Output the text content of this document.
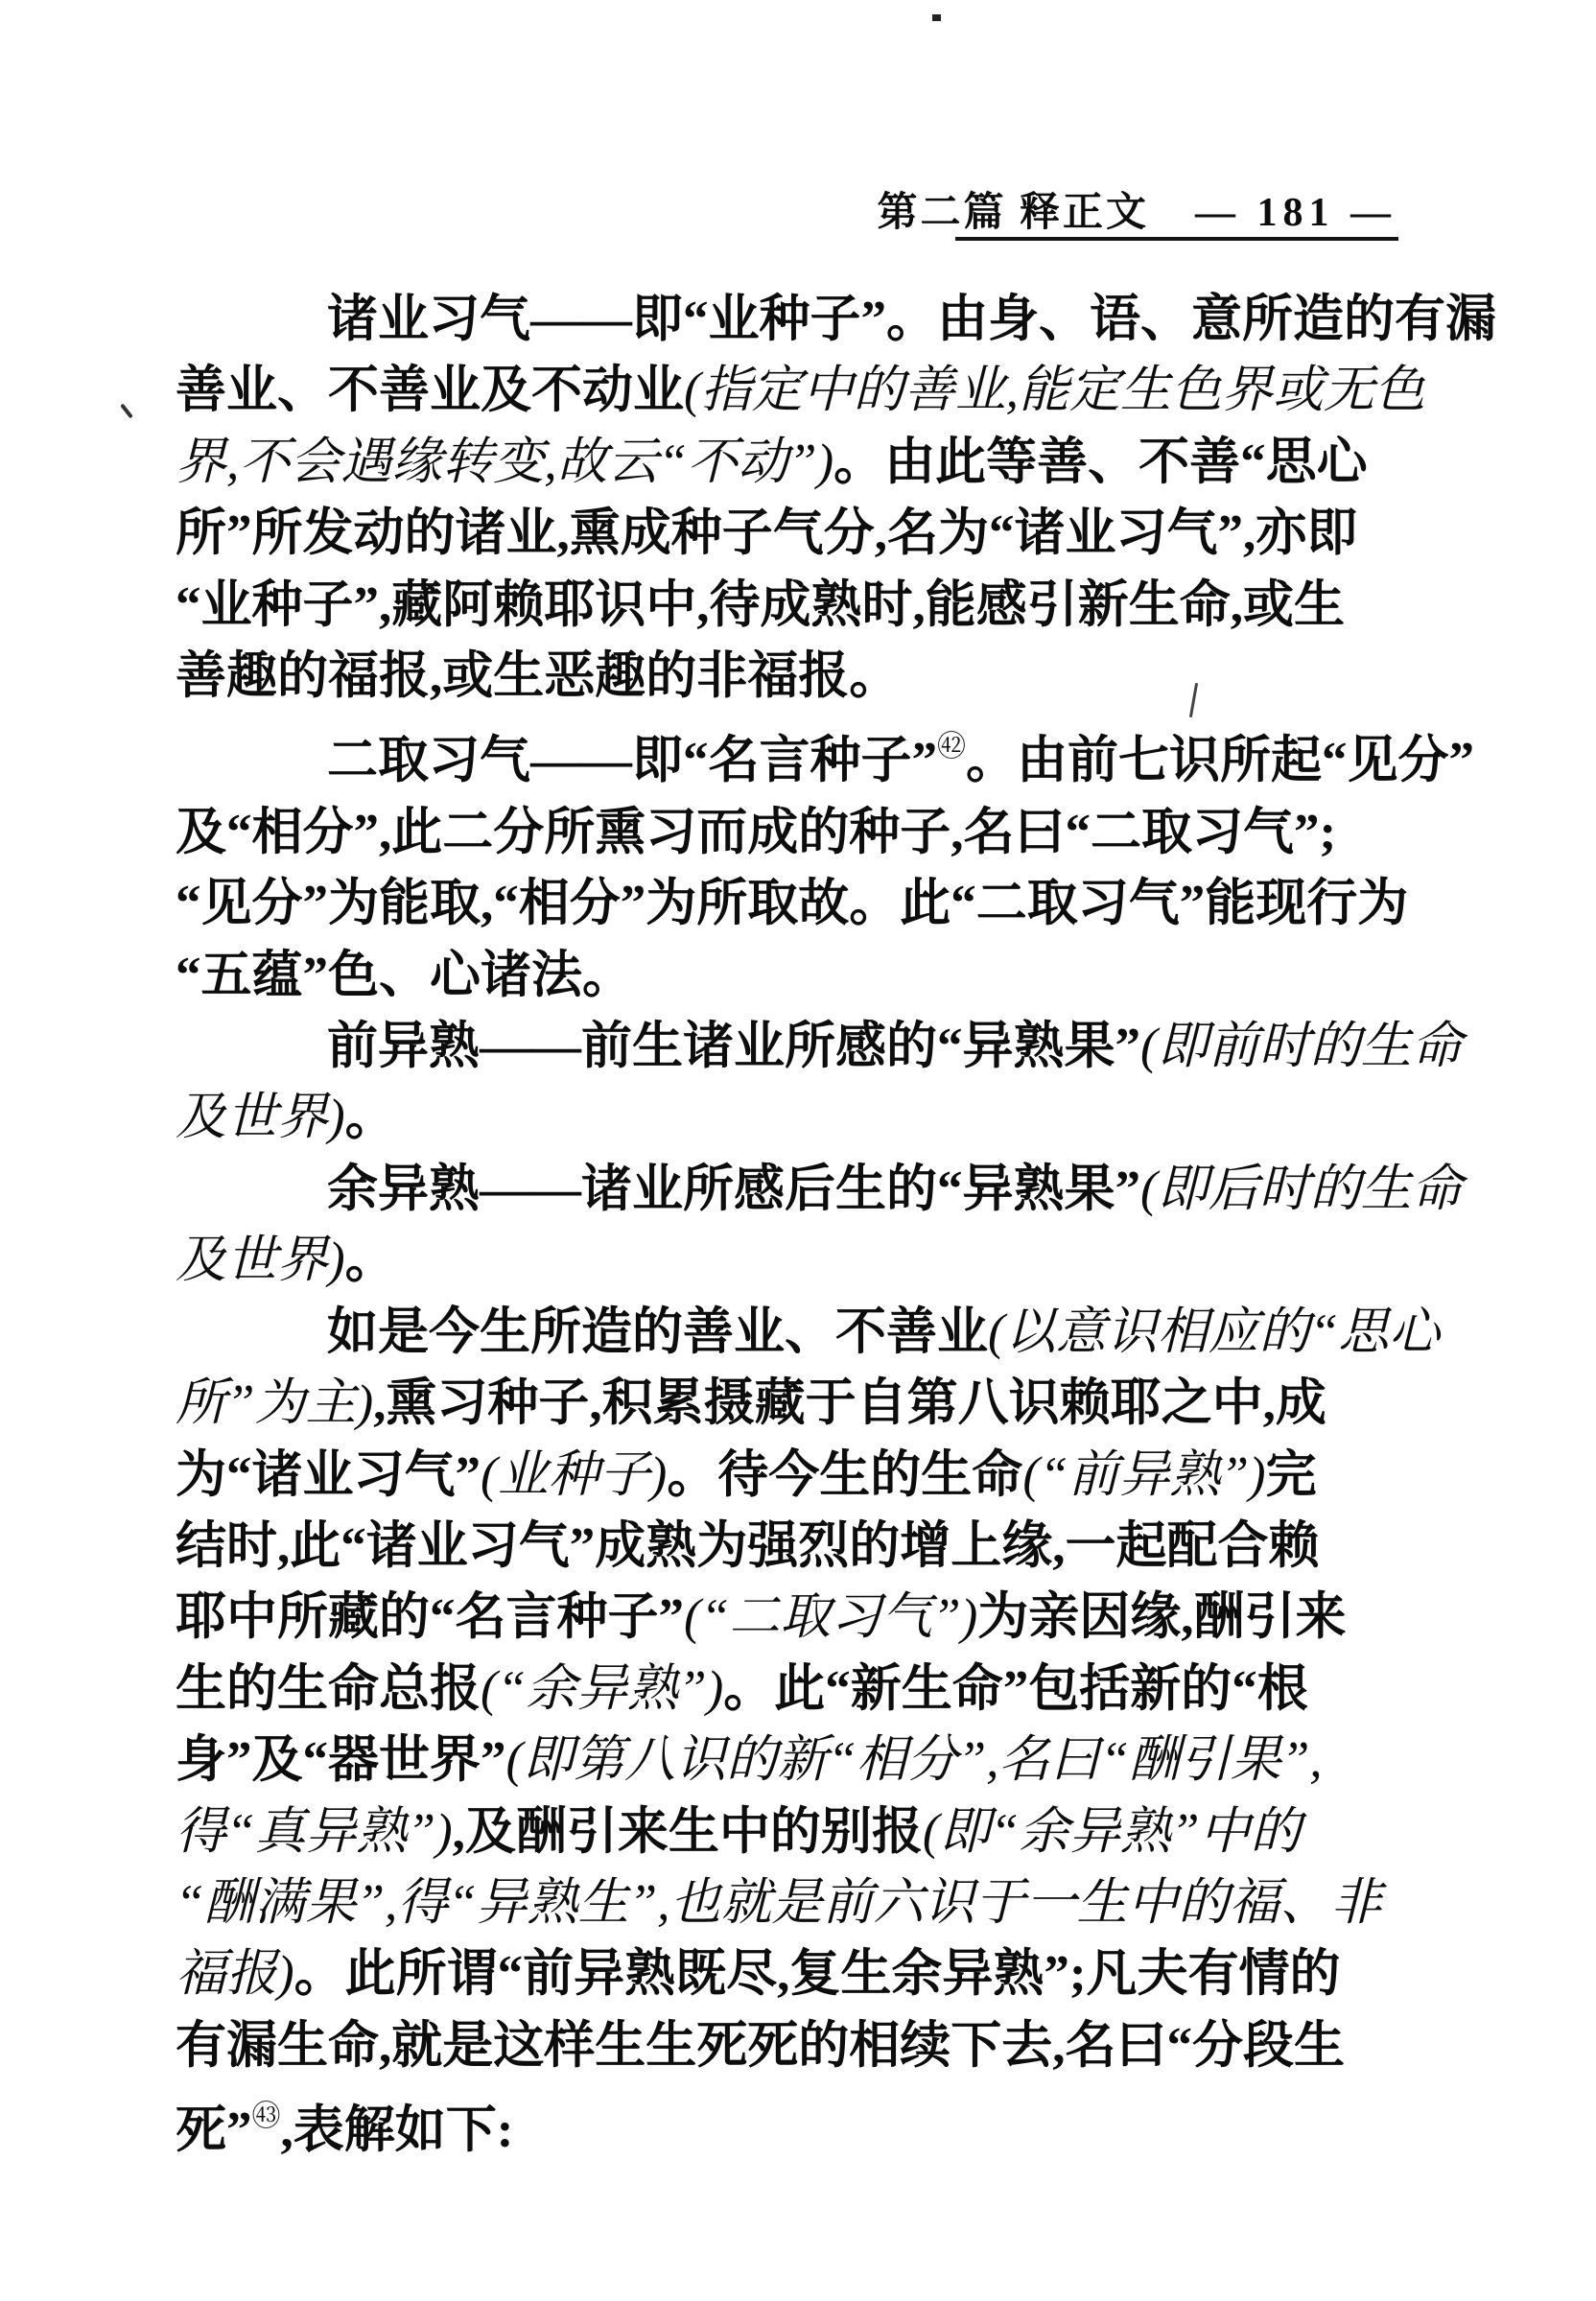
第二篇 释正文 — 181 —
诸业习气——即“业种子”。由身、语、意所造的有漏
善业、不善业及不动业(指定中的善业,能定生色界或无色
界,不会遇缘转变,故云“不动”)。由此等善、不善“思心
所”所发动的诸业,熏成种子气分,名为“诸业习气”,亦即
“业种子”,藏阿赖耶识中,待成熟时,能感引新生命,或生
善趣的福报,或生恶趣的非福报。
二取习气——即“名言种子”$^㊷$。由前七识所起“见分”
及“相分”,此二分所熏习而成的种子,名曰“二取习气”;
“见分”为能取,“相分”为所取故。此“二取习气”能现行为
“五蕴”色、心诸法。
前异熟——前生诸业所感的“异熟果”(即前时的生命
及世界)。
余异熟——诸业所感后生的“异熟果”(即后时的生命
及世界)。
如是今生所造的善业、不善业(以意识相应的“思心
所”为主),熏习种子,积累摄藏于自第八识赖耶之中,成
为“诸业习气”(业种子)。待今生的生命(“前异熟”)完
结时,此“诸业习气”成熟为强烈的增上缘,一起配合赖
耶中所藏的“名言种子”(“二取习气”)为亲因缘,酬引来
生的生命总报(“余异熟”)。此“新生命”包括新的“根
身”及“器世界”(即第八识的新“相分”,名曰“酬引果”,
得“真异熟”),及酬引来生中的别报(即“余异熟”中的
“酬满果”,得“异熟生”,也就是前六识于一生中的福、非
福报)。此所谓“前异熟既尽,复生余异熟”;凡夫有情的
有漏生命,就是这样生生死死的相续下去,名曰“分段生
死”$^㊸$,表解如下:
